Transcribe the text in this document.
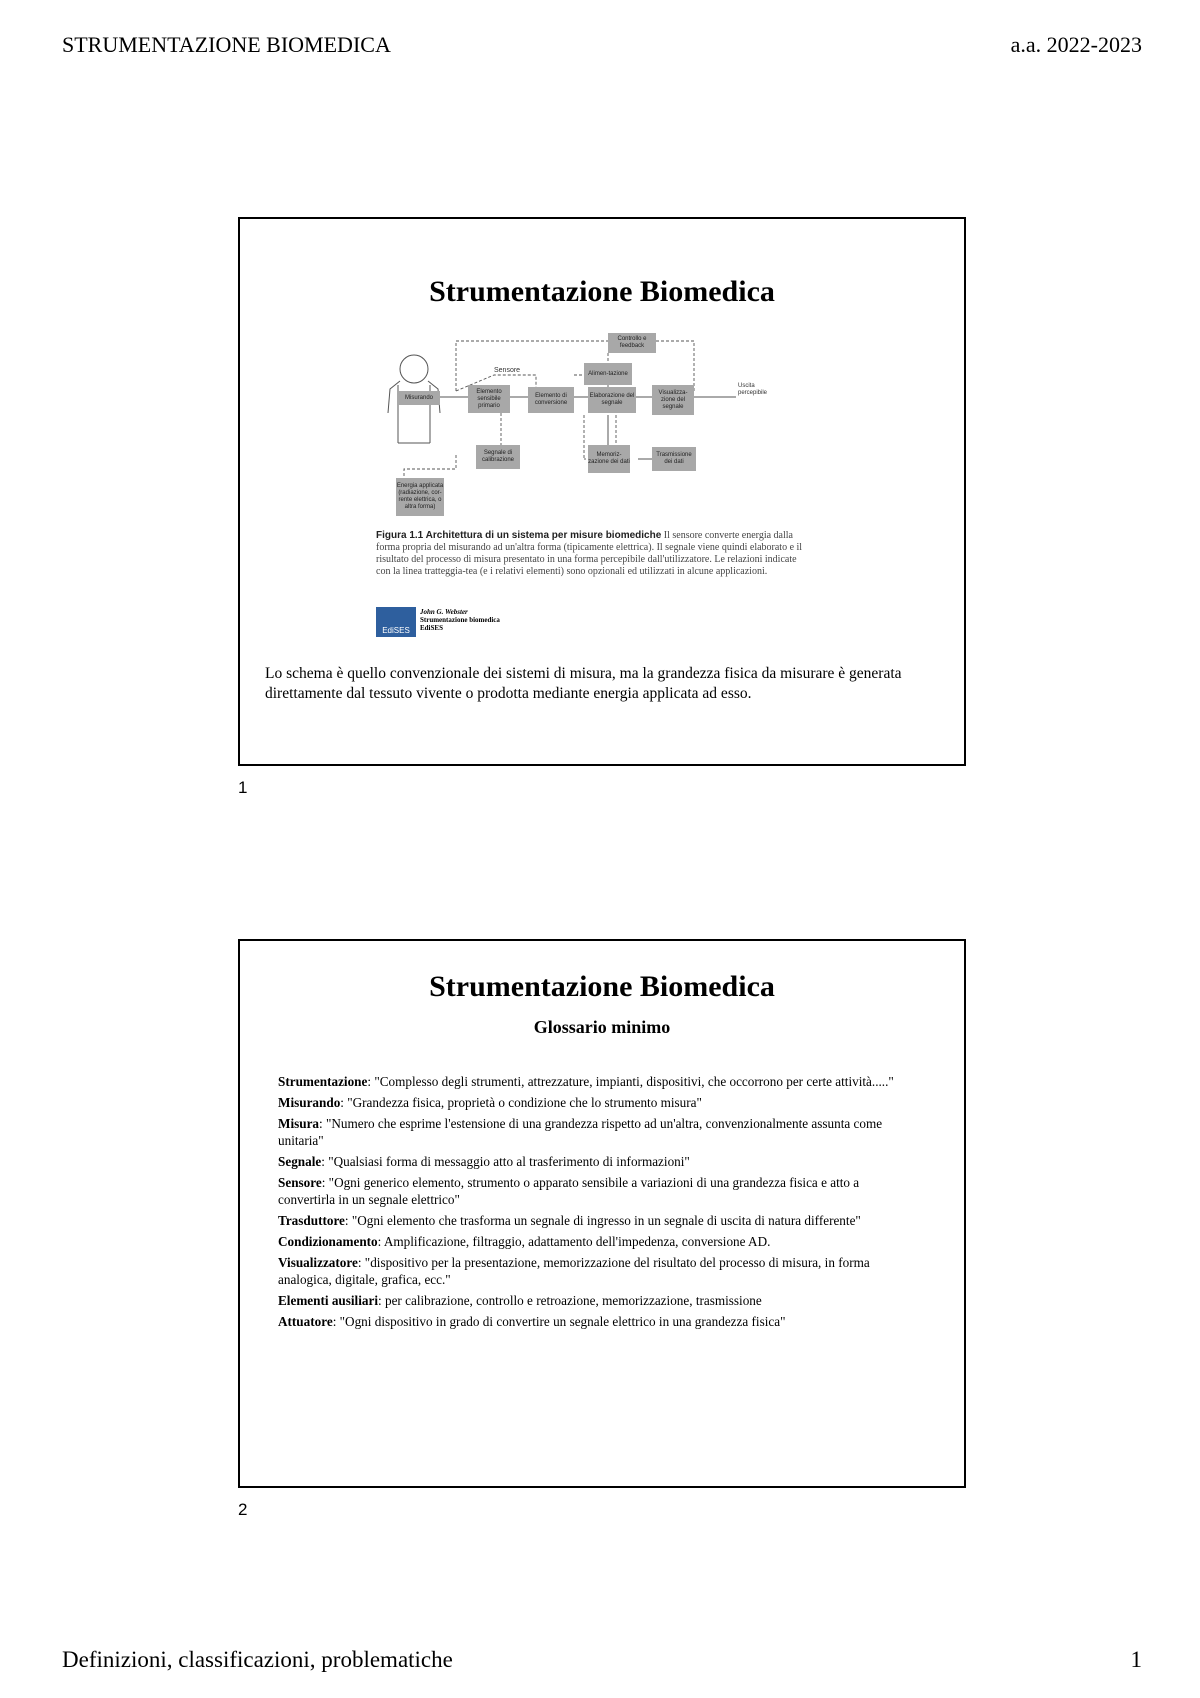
STRUMENTAZIONE BIOMEDICA	a.a. 2022-2023
Strumentazione Biomedica
Controllo e feedback
Alimen-tazione
Sensore
Misurando
Elemento sensibile primario
Elemento di conversione
Elaborazione del segnale
Visualizza-zione del segnale
Uscita percepibile
Segnale di calibrazione
Memoriz-zazione dei dati
Trasmissione dei dati
Energia applicata (radiazione, cor-rente elettrica, o altra forma)
Figura 1.1 Architettura di un sistema per misure biomediche Il sensore converte energia dalla forma propria del misurando ad un'altra forma (tipicamente elettrica). Il segnale viene quindi elaborato e il risultato del processo di misura presentato in una forma percepibile dall'utilizzatore. Le relazioni indicate con la linea tratteggia-tea (e i relativi elementi) sono opzionali ed utilizzati in alcune applicazioni.
EdiSES
John G. Webster
Strumentazione biomedica
EdiSES
Lo schema è quello convenzionale dei sistemi di misura, ma la grandezza fisica da misurare è generata direttamente dal tessuto vivente o prodotta mediante energia applicata ad esso.
1
Strumentazione Biomedica
Glossario minimo
Strumentazione: "Complesso degli strumenti, attrezzature, impianti, dispositivi, che occorrono per certe attività....."
Misurando: "Grandezza fisica, proprietà o condizione che lo strumento misura"
Misura: "Numero che esprime l'estensione di una grandezza rispetto ad un'altra, convenzionalmente assunta come unitaria"
Segnale: "Qualsiasi forma di messaggio atto al trasferimento di informazioni"
Sensore: "Ogni generico elemento, strumento o apparato sensibile a variazioni di una grandezza fisica e atto a convertirla in un segnale elettrico"
Trasduttore: "Ogni elemento che trasforma un segnale di ingresso in un segnale di uscita di natura differente"
Condizionamento: Amplificazione, filtraggio, adattamento dell'impedenza, conversione AD.
Visualizzatore: "dispositivo per la presentazione, memorizzazione del risultato del processo di misura, in forma analogica, digitale, grafica, ecc."
Elementi ausiliari: per calibrazione, controllo e retroazione, memorizzazione, trasmissione
Attuatore: "Ogni dispositivo in grado di convertire un segnale elettrico in una grandezza fisica"
2
Definizioni, classificazioni, problematiche	1
